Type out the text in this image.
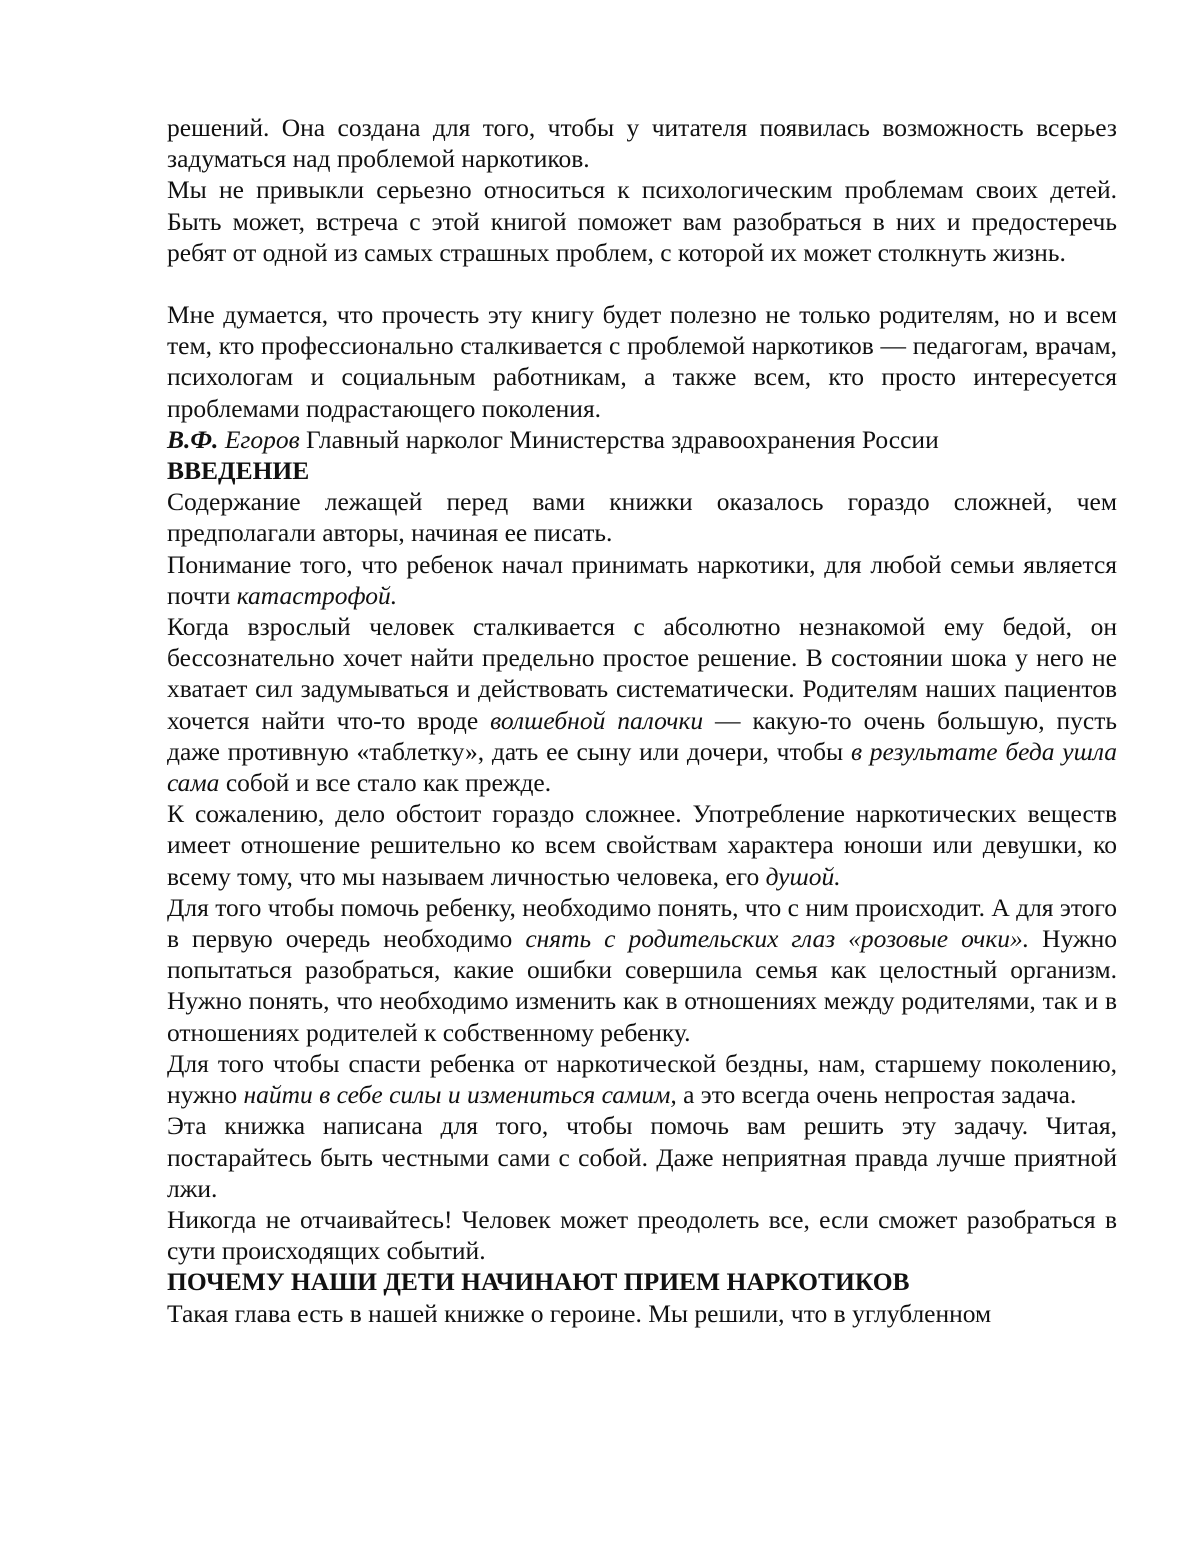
решений. Она создана для того, чтобы у читателя появилась возможность всерьез задуматься над проблемой наркотиков.

Мы не привыкли серьезно относиться к психологическим проблемам своих детей. Быть может, встреча с этой книгой поможет вам разобраться в них и предостеречь ребят от одной из самых страшных проблем, с которой их может столкнуть жизнь.

Мне думается, что прочесть эту книгу будет полезно не только родителям, но и всем тем, кто профессионально сталкивается с проблемой наркотиков — педагогам, врачам, психологам и социальным работникам, а также всем, кто просто интересуется проблемами подрастающего поколения.

В.Ф. Егоров Главный нарколог Министерства здравоохранения России

ВВЕДЕНИЕ

Содержание лежащей перед вами книжки оказалось гораздо сложней, чем предполагали авторы, начиная ее писать.

Понимание того, что ребенок начал принимать наркотики, для любой семьи является почти катастрофой.

Когда взрослый человек сталкивается с абсолютно незнакомой ему бедой, он бессознательно хочет найти предельно простое решение. В состоянии шока у него не хватает сил задумываться и действовать систематически. Родителям наших пациентов хочется найти что-то вроде волшебной палочки — какую-то очень большую, пусть даже противную «таблетку», дать ее сыну или дочери, чтобы в результате беда ушла сама собой и все стало как прежде.

К сожалению, дело обстоит гораздо сложнее. Употребление наркотических веществ имеет отношение решительно ко всем свойствам характера юноши или девушки, ко всему тому, что мы называем личностью человека, его душой.

Для того чтобы помочь ребенку, необходимо понять, что с ним происходит. А для этого в первую очередь необходимо снять с родительских глаз «розовые очки». Нужно попытаться разобраться, какие ошибки совершила семья как целостный организм. Нужно понять, что необходимо изменить как в отношениях между родителями, так и в отношениях родителей к собственному ребенку.

Для того чтобы спасти ребенка от наркотической бездны, нам, старшему поколению, нужно найти в себе силы и измениться самим, а это всегда очень непростая задача.

Эта книжка написана для того, чтобы помочь вам решить эту задачу. Читая, постарайтесь быть честными сами с собой. Даже неприятная правда лучше приятной лжи.

Никогда не отчаивайтесь! Человек может преодолеть все, если сможет разобраться в сути происходящих событий.

ПОЧЕМУ НАШИ ДЕТИ НАЧИНАЮТ ПРИЕМ НАРКОТИКОВ

Такая глава есть в нашей книжке о героине. Мы решили, что в углубленном
